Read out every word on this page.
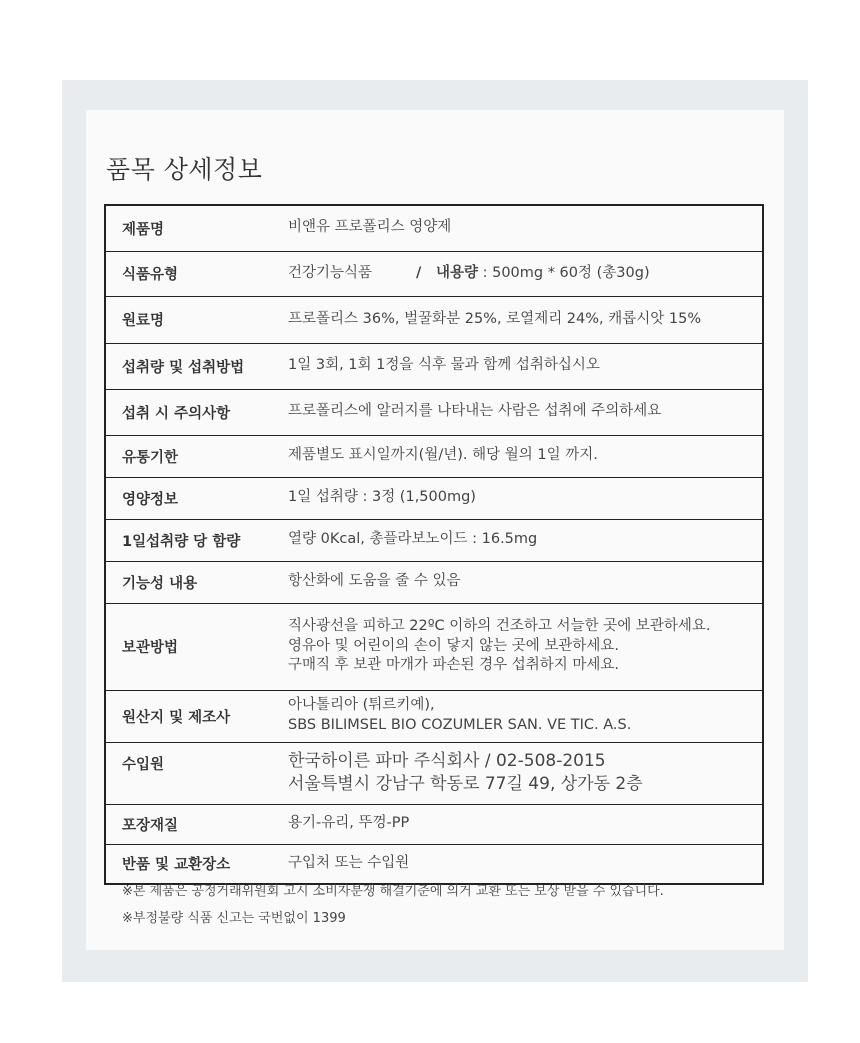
품목 상세정보
제품명	비앤유 프로폴리스 영양제
식품유형	건강기능식품 / 내용량 : 500mg * 60정 (총30g)
원료명	프로폴리스 36%, 벌꿀화분 25%, 로열제리 24%, 캐롭시앗 15%
섭취량 및 섭취방법	1일 3회, 1회 1정을 식후 물과 함께 섭취하십시오
섭취 시 주의사항	프로폴리스에 알러지를 나타내는 사람은 섭취에 주의하세요
유통기한	제품별도 표시일까지(월/년). 해당 월의 1일 까지.
영양정보	1일 섭취량 : 3정 (1,500mg)
1일섭취량 당 함량	열량 0Kcal, 총플라보노이드 : 16.5mg
기능성 내용	항산화에 도움을 줄 수 있음
보관방법	직사광선을 피하고 22ºC 이하의 건조하고 서늘한 곳에 보관하세요.
영유아 및 어린이의 손이 닿지 않는 곳에 보관하세요.
구매직 후 보관 마개가 파손된 경우 섭취하지 마세요.

원산지 및 제조사	아나톨리아 (튀르키예),
SBS BILIMSEL BIO COZUMLER SAN. VE TIC. A.S.

수입원	한국하이른 파마 주식회사 / 02-508-2015
서울특별시 강남구 학동로 77길 49, 상가동 2층

포장재질	용기-유리, 뚜껑-PP
반품 및 교환장소	구입처 또는 수입원
※본 제품은 공정거래위원회 고시 소비자분쟁 해결기준에 의거 교환 또는 보상 받을 수 있습니다.
※부정불량 식품 신고는 국번없이 1399
